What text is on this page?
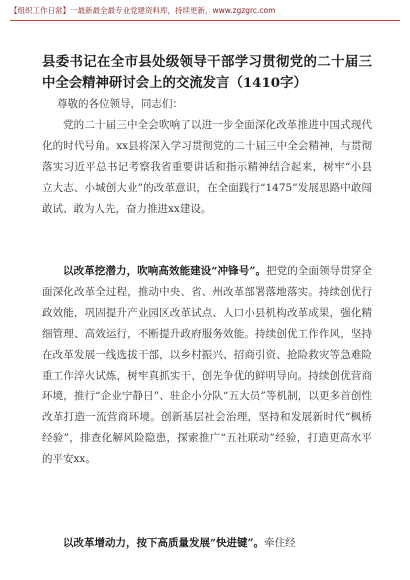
【组织工作日常】一最新最全最专业党建资料库，持续更新，www.zgzgrc.com
县委书记在全市县处级领导干部学习贯彻党的二十届三中全会精神研讨会上的交流发言（1410字）
尊敬的各位领导，同志们：

党的二十届三中全会吹响了以进一步全面深化改革推进中国式现代化的时代号角。xx县将深入学习贯彻党的二十届三中全会精神，与贯彻落实习近平总书记考察我省重要讲话和指示精神结合起来，树牢“小县立大志、小城创大业”的改革意识，在全面践行“1475”发展思路中敢闯敢试、敢为人先，奋力推进xx建设。

以改革挖潜力，吹响高效能建设“冲锋号”。把党的全面领导贯穿全面深化改革全过程，推动中央、省、州改革部署落地落实。持续创优行政效能，巩固提升产业园区改革试点、人口小县机构改革成果，强化精细管理、高效运行，不断提升政府服务效能。持续创优工作作风，坚持在改革发展一线选拔干部，以乡村振兴、招商引资、抢险救灾等急难险重工作淬火试炼，树牢真抓实干、创先争优的鲜明导向。持续创优营商环境，推行“企业宁静日”、驻企小分队“五大员”等机制，以更多首创性改革打造一流营商环境。创新基层社会治理，坚持和发展新时代“枫桥经验”，排查化解风险隐患，探索推广“五社联动”经验，打造更高水平的平安xx。

以改革增动力，按下高质量发展“快进键”。牵住经
